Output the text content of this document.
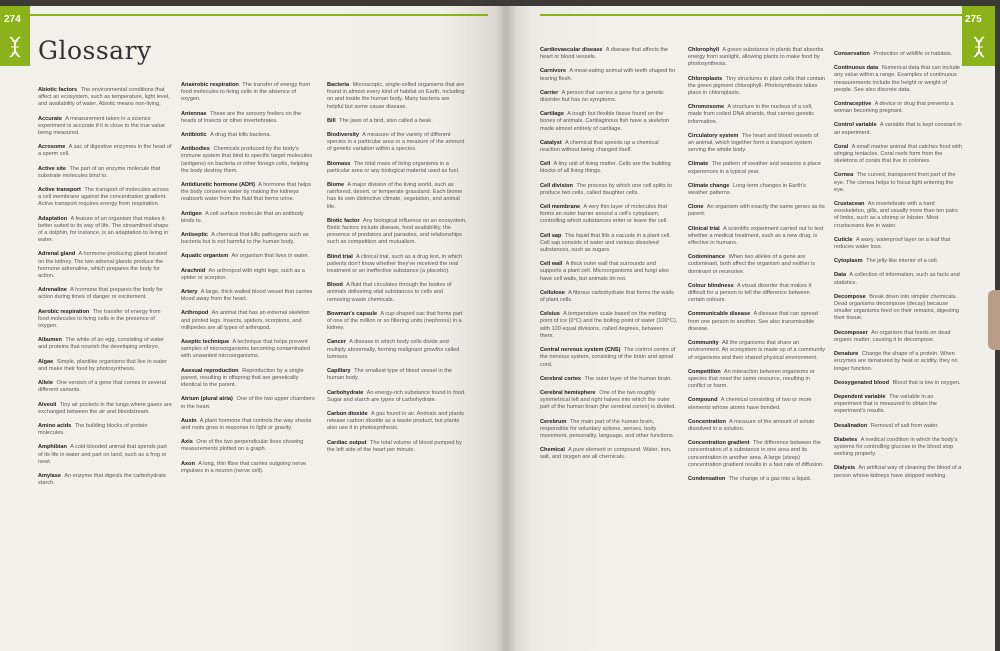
274	275
Glossary
Abiotic factors The environmental conditions that affect an ecosystem, such as temperature, light level, and availability of water. Abiotic means non-living.
Accurate A measurement taken in a science experiment is accurate if it is close to the true value being measured.
Acrosome A sac of digestive enzymes in the head of a sperm cell.
Active site The part of an enzyme molecule that substrate molecules bind to.
Active transport The transport of molecules across a cell membrane against the concentration gradient. Active transport requires energy from respiration.
Adaptation A feature of an organism that makes it better suited to its way of life. The streamlined shape of a dolphin, for instance, is an adaptation to living in water.
Adrenal gland A hormone-producing gland located on the kidney. The two adrenal glands produce the hormone adrenaline, which prepares the body for action.
Adrenaline A hormone that prepares the body for action during times of danger or excitement.
Aerobic respiration The transfer of energy from food molecules to living cells in the presence of oxygen.
Albumen The white of an egg, consisting of water and proteins that nourish the developing embryo.
Algae Simple, plantlike organisms that live in water and make their food by photosynthesis.
Allele One version of a gene that comes in several different variants.
Alveoli Tiny air pockets in the lungs where gases are exchanged between the air and bloodstream.
Amino acids The building blocks of protein molecules.
Amphibian A cold-blooded animal that spends part of its life in water and part on land, such as a frog or newt.
Amylase An enzyme that digests the carbohydrate starch.
Anaerobic respiration The transfer of energy from food molecules to living cells in the absence of oxygen.
Antennae These are the sensory feelers on the heads of insects or other invertebrates.
Antibiotic A drug that kills bacteria.
Antibodies Chemicals produced by the body's immune system that bind to specific target molecules (antigens) on bacteria or other foreign cells, helping the body destroy them.
Antidiuretic hormone (ADH) A hormone that helps the body conserve water by making the kidneys reabsorb water from the fluid that forms urine.
Antigen A cell surface molecule that an antibody binds to.
Antiseptic A chemical that kills pathogens such as bacteria but is not harmful to the human body.
Aquatic organism An organism that lives in water.
Arachnid An arthropod with eight legs, such as a spider or scorpion.
Artery A large, thick-walled blood vessel that carries blood away from the heart.
Arthropod An animal that has an external skeleton and jointed legs. Insects, spiders, scorpions, and millipedes are all types of arthropod.
Aseptic technique A technique that helps prevent samples of microorganisms becoming contaminated with unwanted microorganisms.
Asexual reproduction Reproduction by a single parent, resulting in offspring that are genetically identical to the parent.
Atrium (plural atria) One of the two upper chambers in the heart.
Auxin A plant hormone that controls the way shoots and roots grow in response to light or gravity.
Axis One of the two perpendicular lines showing measurements plotted on a graph.
Axon A long, thin fibre that carries outgoing nerve impulses in a neuron (nerve cell).
Bacteria Microscopic, single-celled organisms that are found in almost every kind of habitat on Earth, including on and inside the human body. Many bacteria are helpful but some cause disease.
Bill The jaws of a bird, also called a beak.
Biodiversity A measure of the variety of different species in a particular area or a measure of the amount of genetic variation within a species.
Biomass The total mass of living organisms in a particular area or any biological material used as fuel.
Biome A major division of the living world, such as rainforest, desert, or temperate grassland. Each biome has its own distinctive climate, vegetation, and animal life.
Biotic factor Any biological influence on an ecosystem. Biotic factors include disease, food availability, the presence of predators and parasites, and relationships such as competition and mutualism.
Blind trial A clinical trial, such as a drug test, in which patients don't know whether they've received the real treatment or an ineffective substance (a placebo).
Blood A fluid that circulates through the bodies of animals delivering vital substances to cells and removing waste chemicals.
Bowman's capsule A cup-shaped sac that forms part of one of the million or so filtering units (nephrons) in a kidney.
Cancer A disease in which body cells divide and multiply abnormally, forming malignant growths called tumours.
Capillary The smallest type of blood vessel in the human body.
Carbohydrate An energy-rich substance found in food. Sugar and starch are types of carbohydrate.
Carbon dioxide A gas found in air. Animals and plants release carbon dioxide as a waste product, but plants also use it in photosynthesis.
Cardiac output The total volume of blood pumped by the left side of the heart per minute.
Cardiovascular disease A disease that affects the heart or blood vessels.
Carnivore A meat-eating animal with teeth shaped for tearing flesh.
Carrier A person that carries a gene for a genetic disorder but has no symptoms.
Cartilage A tough but flexible tissue found on the bones of animals. Cartilaginous fish have a skeleton made almost entirely of cartilage.
Catalyst A chemical that speeds up a chemical reaction without being changed itself.
Cell A tiny unit of living matter. Cells are the building blocks of all living things.
Cell division The process by which one cell splits to produce two cells, called daughter cells.
Cell membrane A very thin layer of molecules that forms an outer barrier around a cell's cytoplasm, controlling which substances enter or leave the cell.
Cell sap The liquid that fills a vacuole in a plant cell. Cell sap consists of water and various dissolved substances, such as sugars.
Cell wall A thick outer wall that surrounds and supports a plant cell. Microorganisms and fungi also have cell walls, but animals do not.
Cellulose A fibrous carbohydrate that forms the walls of plant cells.
Celsius A temperature scale based on the melting point of ice (0°C) and the boiling point of water (100°C), with 100 equal divisions, called degrees, between them.
Central nervous system (CNS) The control centre of the nervous system, consisting of the brain and spinal cord.
Cerebral cortex The outer layer of the human brain.
Cerebral hemisphere One of the two roughly symmetrical left and right halves into which the outer part of the human brain (the cerebral cortex) is divided.
Cerebrum The main part of the human brain, responsible for voluntary actions, senses, body movement, personality, language, and other functions.
Chemical A pure element or compound. Water, iron, salt, and oxygen are all chemicals.
Chlorophyll A green substance in plants that absorbs energy from sunlight, allowing plants to make food by photosynthesis.
Chloroplasts Tiny structures in plant cells that contain the green pigment chlorophyll. Photosynthesis takes place in chloroplasts.
Chromosome A structure in the nucleus of a cell, made from coiled DNA strands, that carries genetic information.
Circulatory system The heart and blood vessels of an animal, which together form a transport system serving the whole body.
Climate The pattern of weather and seasons a place experiences in a typical year.
Climate change Long-term changes in Earth's weather patterns.
Clone An organism with exactly the same genes as its parent.
Clinical trial A scientific experiment carried out to test whether a medical treatment, such as a new drug, is effective in humans.
Codominance When two alleles of a gene are codominant, both affect the organism and neither is dominant or recessive.
Colour blindness A visual disorder that makes it difficult for a person to tell the difference between certain colours.
Communicable disease A disease that can spread from one person to another. See also transmissible disease.
Community All the organisms that share an environment. An ecosystem is made up of a community of organisms and their shared physical environment.
Competition An interaction between organisms or species that need the same resource, resulting in conflict or harm.
Compound A chemical consisting of two or more elements whose atoms have bonded.
Concentration A measure of the amount of solute dissolved in a solution.
Concentration gradient The difference between the concentration of a substance in one area and its concentration in another area. A large (steep) concentration gradient results in a fast rate of diffusion.
Condensation The change of a gas into a liquid.
Conservation Protection of wildlife or habitats.
Continuous data Numerical data that can include any value within a range. Examples of continuous measurements include the height or weight of people. See also discrete data.
Contraceptive A device or drug that prevents a woman becoming pregnant.
Control variable A variable that is kept constant in an experiment.
Coral A small marine animal that catches food with stinging tentacles. Coral reefs form from the skeletons of corals that live in colonies.
Cornea The curved, transparent front part of the eye. The cornea helps to focus light entering the eye.
Crustacean An invertebrate with a hard exoskeleton, gills, and usually more than ten pairs of limbs, such as a shrimp or lobster. Most crustaceans live in water.
Cuticle A waxy, waterproof layer on a leaf that reduces water loss.
Cytoplasm The jelly-like interior of a cell.
Data A collection of information, such as facts and statistics.
Decompose Break down into simpler chemicals. Dead organisms decompose (decay) because smaller organisms feed on their remains, digesting their tissue.
Decomposer An organism that feeds on dead organic matter, causing it to decompose.
Denature Change the shape of a protein. When enzymes are denatured by heat or acidity, they no longer function.
Deoxygenated blood Blood that is low in oxygen.
Dependent variable The variable in an experiment that is measured to obtain the experiment's results.
Desalination Removal of salt from water.
Diabetes A medical condition in which the body's systems for controlling glucose in the blood stop working properly.
Dialysis An artificial way of cleaning the blood of a person whose kidneys have stopped working.
